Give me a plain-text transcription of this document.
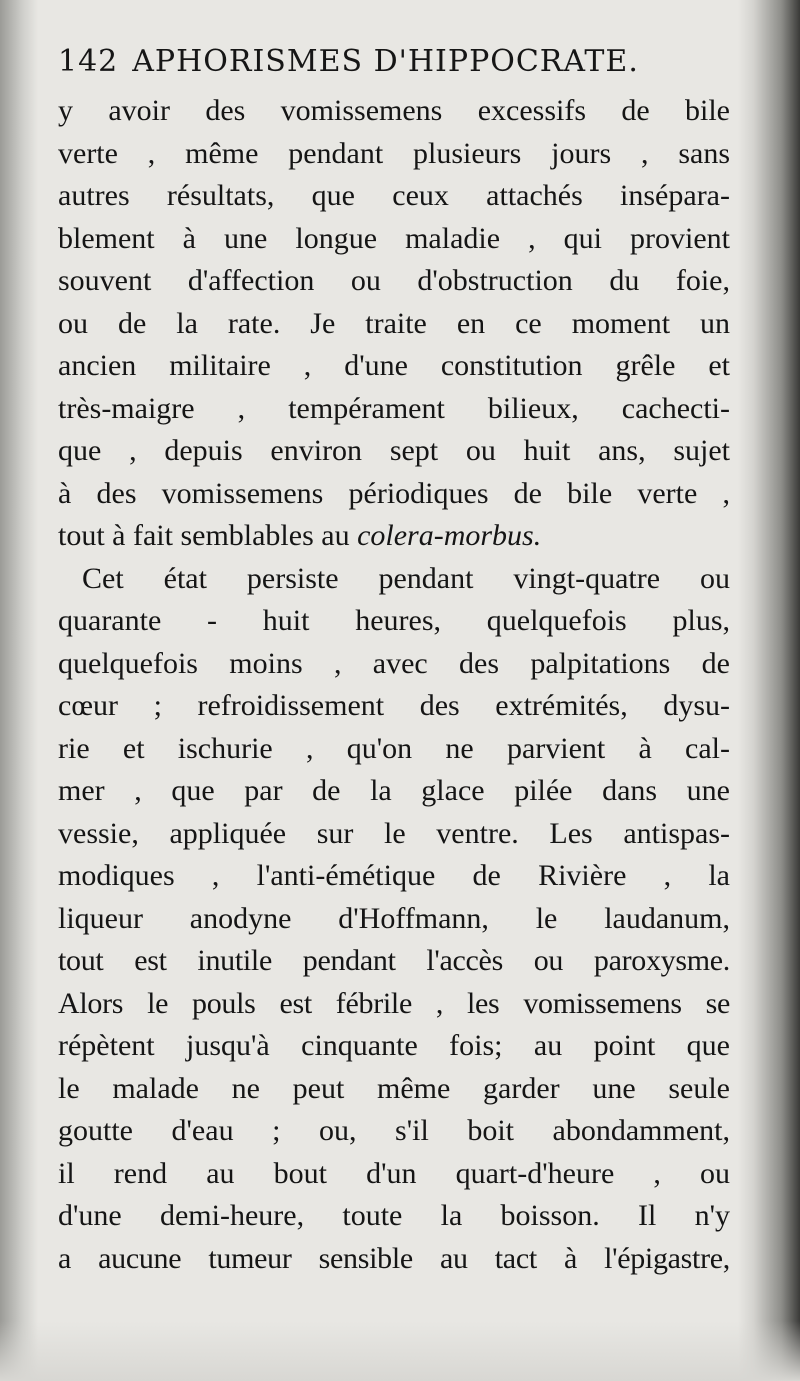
142 APHORISMES D'HIPPOCRATE.
y avoir des vomissemens excessifs de bile
verte , même pendant plusieurs jours , sans
autres résultats, que ceux attachés insépara-
blement à une longue maladie , qui provient
souvent d'affection ou d'obstruction du foie,
ou de la rate. Je traite en ce moment un
ancien militaire , d'une constitution grêle et
très-maigre , tempérament bilieux, cachecti-
que , depuis environ sept ou huit ans, sujet
à des vomissemens périodiques de bile verte ,
tout à fait semblables au colera-morbus.
Cet état persiste pendant vingt-quatre ou
quarante - huit heures, quelquefois plus,
quelquefois moins , avec des palpitations de
cœur ; refroidissement des extrémités, dysu-
rie et ischurie , qu'on ne parvient à cal-
mer , que par de la glace pilée dans une
vessie, appliquée sur le ventre. Les antispas-
modiques , l'anti-émétique de Rivière , la
liqueur anodyne d'Hoffmann, le laudanum,
tout est inutile pendant l'accès ou paroxysme.
Alors le pouls est fébrile , les vomissemens se
répètent jusqu'à cinquante fois; au point que
le malade ne peut même garder une seule
goutte d'eau ; ou, s'il boit abondamment,
il rend au bout d'un quart-d'heure , ou
d'une demi-heure, toute la boisson. Il n'y
a aucune tumeur sensible au tact à l'épigastre,
